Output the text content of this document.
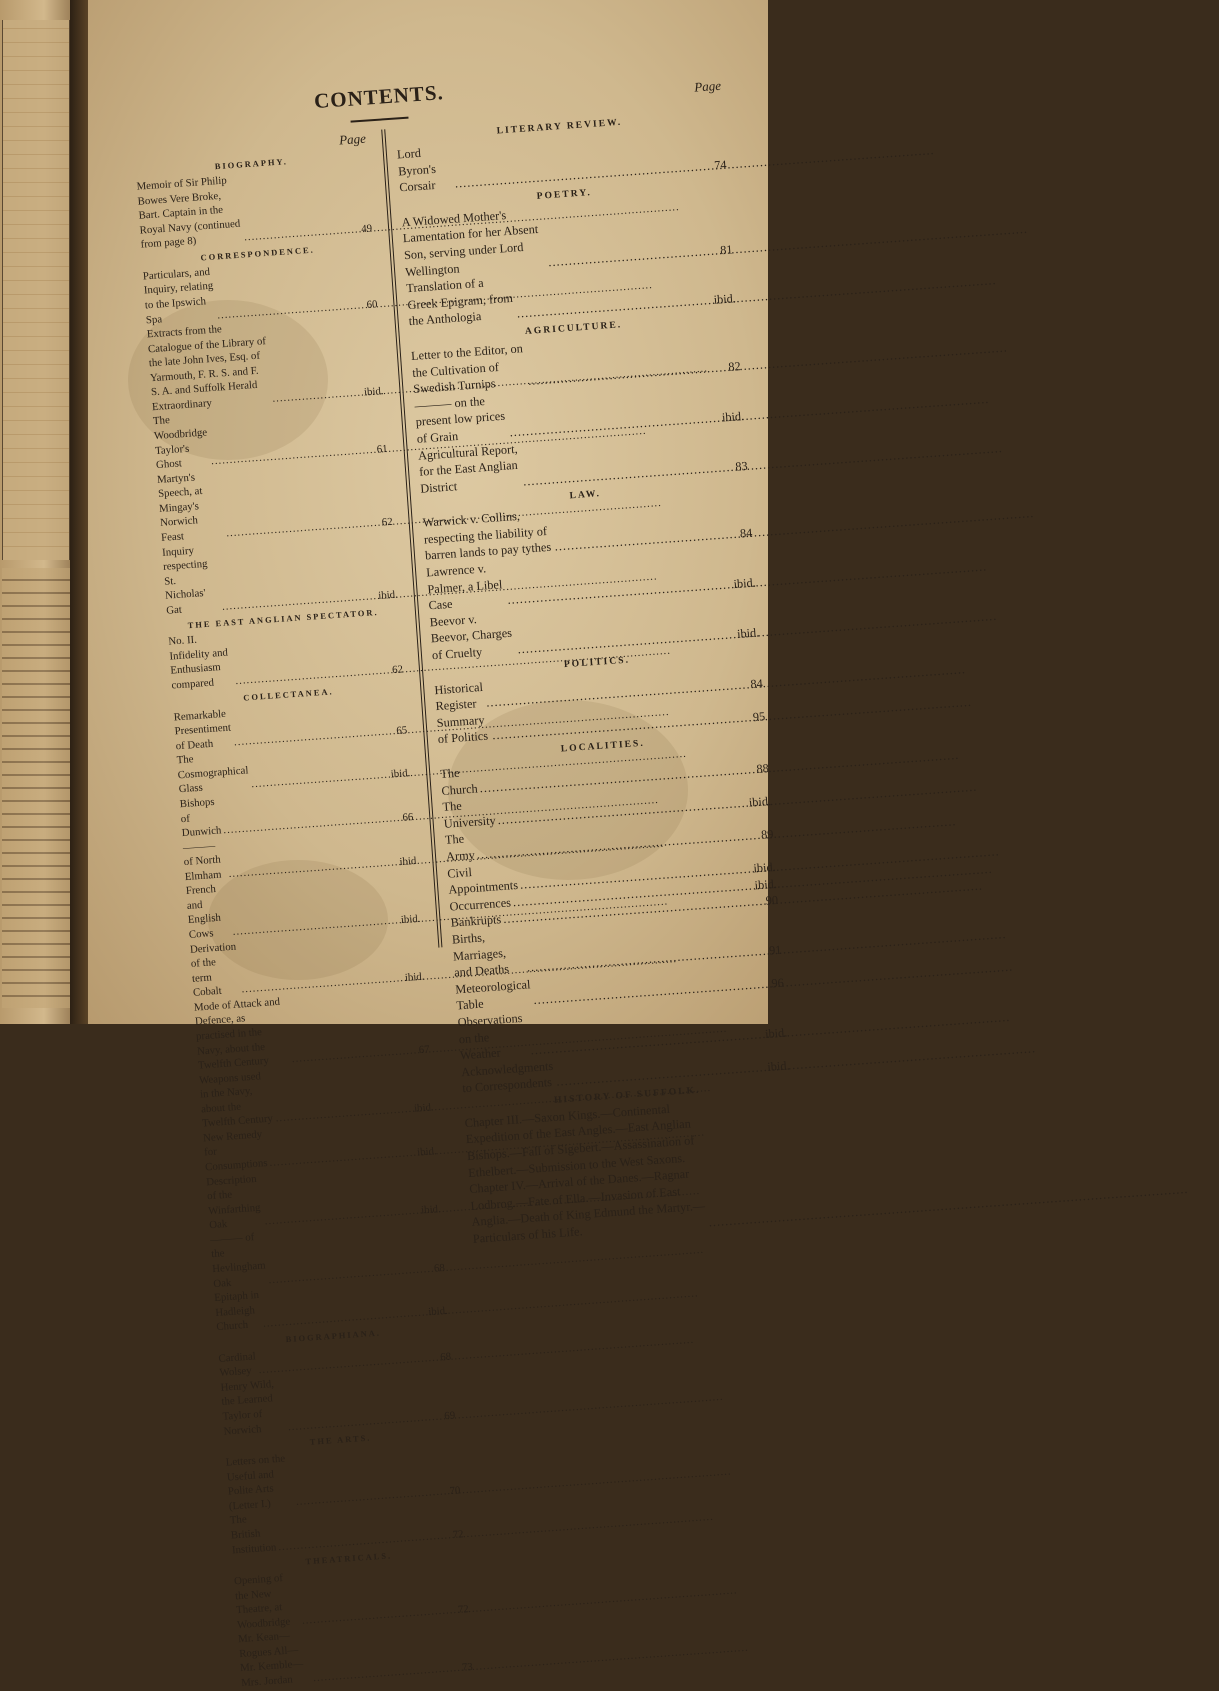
CONTENTS.
Page
BIOGRAPHY.
Memoir of Sir Philip Bowes Vere Broke, Bart. Captain in the Royal Navy (continued from page 8)
.....
49
CORRESPONDENCE.
Particulars, and Inquiry, relating to the Ipswich Spa
.....
60
Extracts from the Catalogue of the Library of the late John Ives, Esq. of Yarmouth, F. R. S. and F. S. A. and Suffolk Herald Extraordinary
.....
ibid.
The Woodbridge Taylor's Ghost
.....
61
Martyn's Speech, at Mingay's Norwich Feast
.....
62
Inquiry respecting St. Nicholas' Gat
.....
ibid.
THE EAST ANGLIAN SPECTATOR.
No. II. Infidelity and Enthusiasm compared
.....
62
COLLECTANEA.
Remarkable Presentiment of Death
.....
65
The Cosmographical Glass
.....
ibid.
Bishops of Dunwich
.....
66
——— of North Elmham
.....
ibid
French and English Cows
.....
ibid.
Derivation of the term Cobalt
.....
ibid.
Mode of Attack and Defence, as practised in the Navy, about the Twelfth Century
.....
67
Weapons used in the Navy, about the Twelfth Century
.....
ibid.
New Remedy for Consumptions
.....
ibid.
Description of the Winfarthing Oak
.....
ibid.
——— of the Hevlingham Oak
.....
68
Epitaph in Hadleigh Church
.....
ibid.
BIOGRAPHIANA.
Cardinal Wolsey
.....
68
Henry Wild, the Learned Taylor of Norwich
.....
69
THE ARTS.
Letters on the Useful and Polite Arts (Letter I.)
.....
70
The British Institution
.....
72
THEATRICALS.
Opening of the New Theatre, at Woodbridge
.....
72
Mr. Kean—Rogues All—Mr. Kemble—Mrs. Jordan
.....
73
Page
LITERARY REVIEW.
Lord Byron's Corsair
.....
74
POETRY.
A Widowed Mother's Lamentation for her Absent Son, serving under Lord Wellington
.....
81
Translation of a Greek Epigram, from the Anthologia
.....
ibid.
AGRICULTURE.
Letter to the Editor, on the Cultivation of Swedish Turnips
.....
82
——— on the present low prices of Grain
.....
ibid.
Agricultural Report, for the East Anglian District
.....
83
LAW.
Warwick v. Collins, respecting the liability of barren lands to pay tythes
.....
84
Lawrence v. Palmer, a Libel Case
.....
ibid.
Beevor v. Beevor, Charges of Cruelty
.....
ibid.
POLITICS.
Historical Register
.....
84
Summary of Politics
.....
95
LOCALITIES.
The Church
.....
88
The University
.....
ibid.
The Army
.....
89
Civil Appointments
.....
ibid.
Occurrences
.....
ibid.
Bankrupts
.....
90
Births, Marriages, and Deaths
.....
91
Meteorological Table
.....
96
Observations on the Weather
.....
ibid.
Acknowledgments to Correspondents
.....
ibid.
HISTORY OF SUFFOLK.
Chapter III.—Saxon Kings.—Continental Expedition of the East Angles.—East Anglian Bishops.—Fall of Sigebert.—Assassination of Ethelbert.—Submission to the West Saxons. Chapter IV.—Arrival of the Danes.—Ragnar Lodbrog.—Fate of Ella.—Invasion of East Anglia.—Death of King Edmund the Martyr.—Particulars of his Life.
.....
